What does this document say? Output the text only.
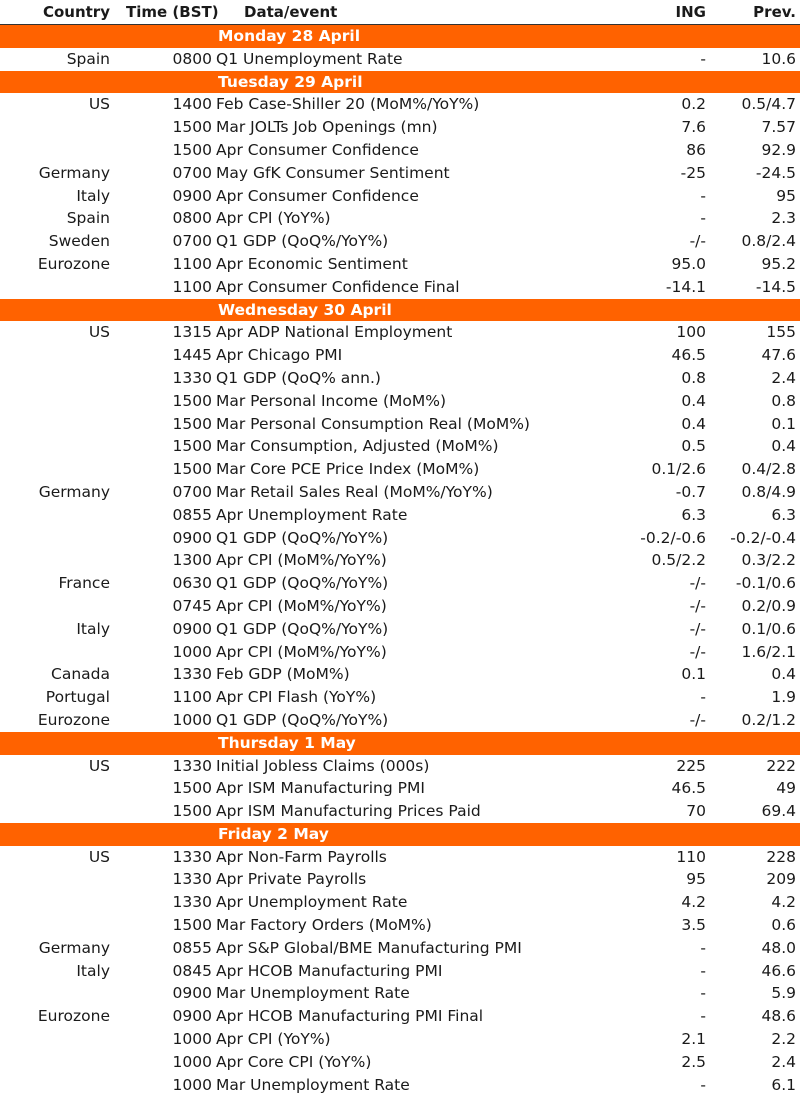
Country Time (BST)	Data/event	ING	Prev.
Monday 28 April
Spain	0800 Q1 Unemployment Rate	-	10.6
Tuesday 29 April
US	1400 Feb Case-Shiller 20 (MoM%/YoY%)	0.2	0.5/4.7
1500 Mar JOLTs Job Openings (mn)	7.6	7.57
1500 Apr Consumer Confidence	86	92.9
Germany	0700 May GfK Consumer Sentiment	-25	-24.5
Italy	0900 Apr Consumer Confidence	-	95
Spain	0800 Apr CPI (YoY%)	-	2.3
Sweden	0700 Q1 GDP (QoQ%/YoY%)	-/-	0.8/2.4
Eurozone	1100 Apr Economic Sentiment	95.0	95.2
1100 Apr Consumer Confidence Final	-14.1	-14.5
Wednesday 30 April
US	1315 Apr ADP National Employment	100	155
1445 Apr Chicago PMI	46.5	47.6
1330 Q1 GDP (QoQ% ann.)	0.8	2.4
1500 Mar Personal Income (MoM%)	0.4	0.8
1500 Mar Personal Consumption Real (MoM%)	0.4	0.1
1500 Mar Consumption, Adjusted (MoM%)	0.5	0.4
1500 Mar Core PCE Price Index (MoM%)	0.1/2.6	0.4/2.8
Germany	0700 Mar Retail Sales Real (MoM%/YoY%)	-0.7	0.8/4.9
0855 Apr Unemployment Rate	6.3	6.3
0900 Q1 GDP (QoQ%/YoY%)	-0.2/-0.6	-0.2/-0.4
1300 Apr CPI (MoM%/YoY%)	0.5/2.2	0.3/2.2
France	0630 Q1 GDP (QoQ%/YoY%)	-/-	-0.1/0.6
0745 Apr CPI (MoM%/YoY%)	-/-	0.2/0.9
Italy	0900 Q1 GDP (QoQ%/YoY%)	-/-	0.1/0.6
1000 Apr CPI (MoM%/YoY%)	-/-	1.6/2.1
Canada	1330 Feb GDP (MoM%)	0.1	0.4
Portugal	1100 Apr CPI Flash (YoY%)	-	1.9
Eurozone	1000 Q1 GDP (QoQ%/YoY%)	-/-	0.2/1.2
Thursday 1 May
US	1330 Initial Jobless Claims (000s)	225	222
1500 Apr ISM Manufacturing PMI	46.5	49
1500 Apr ISM Manufacturing Prices Paid	70	69.4
Friday 2 May
US	1330 Apr Non-Farm Payrolls	110	228
1330 Apr Private Payrolls	95	209
1330 Apr Unemployment Rate	4.2	4.2
1500 Mar Factory Orders (MoM%)	3.5	0.6
Germany	0855 Apr S&P Global/BME Manufacturing PMI	-	48.0
Italy	0845 Apr HCOB Manufacturing PMI	-	46.6
0900 Mar Unemployment Rate	-	5.9
Eurozone	0900 Apr HCOB Manufacturing PMI Final	-	48.6
1000 Apr CPI (YoY%)	2.1	2.2
1000 Apr Core CPI (YoY%)	2.5	2.4
1000 Mar Unemployment Rate	-	6.1
